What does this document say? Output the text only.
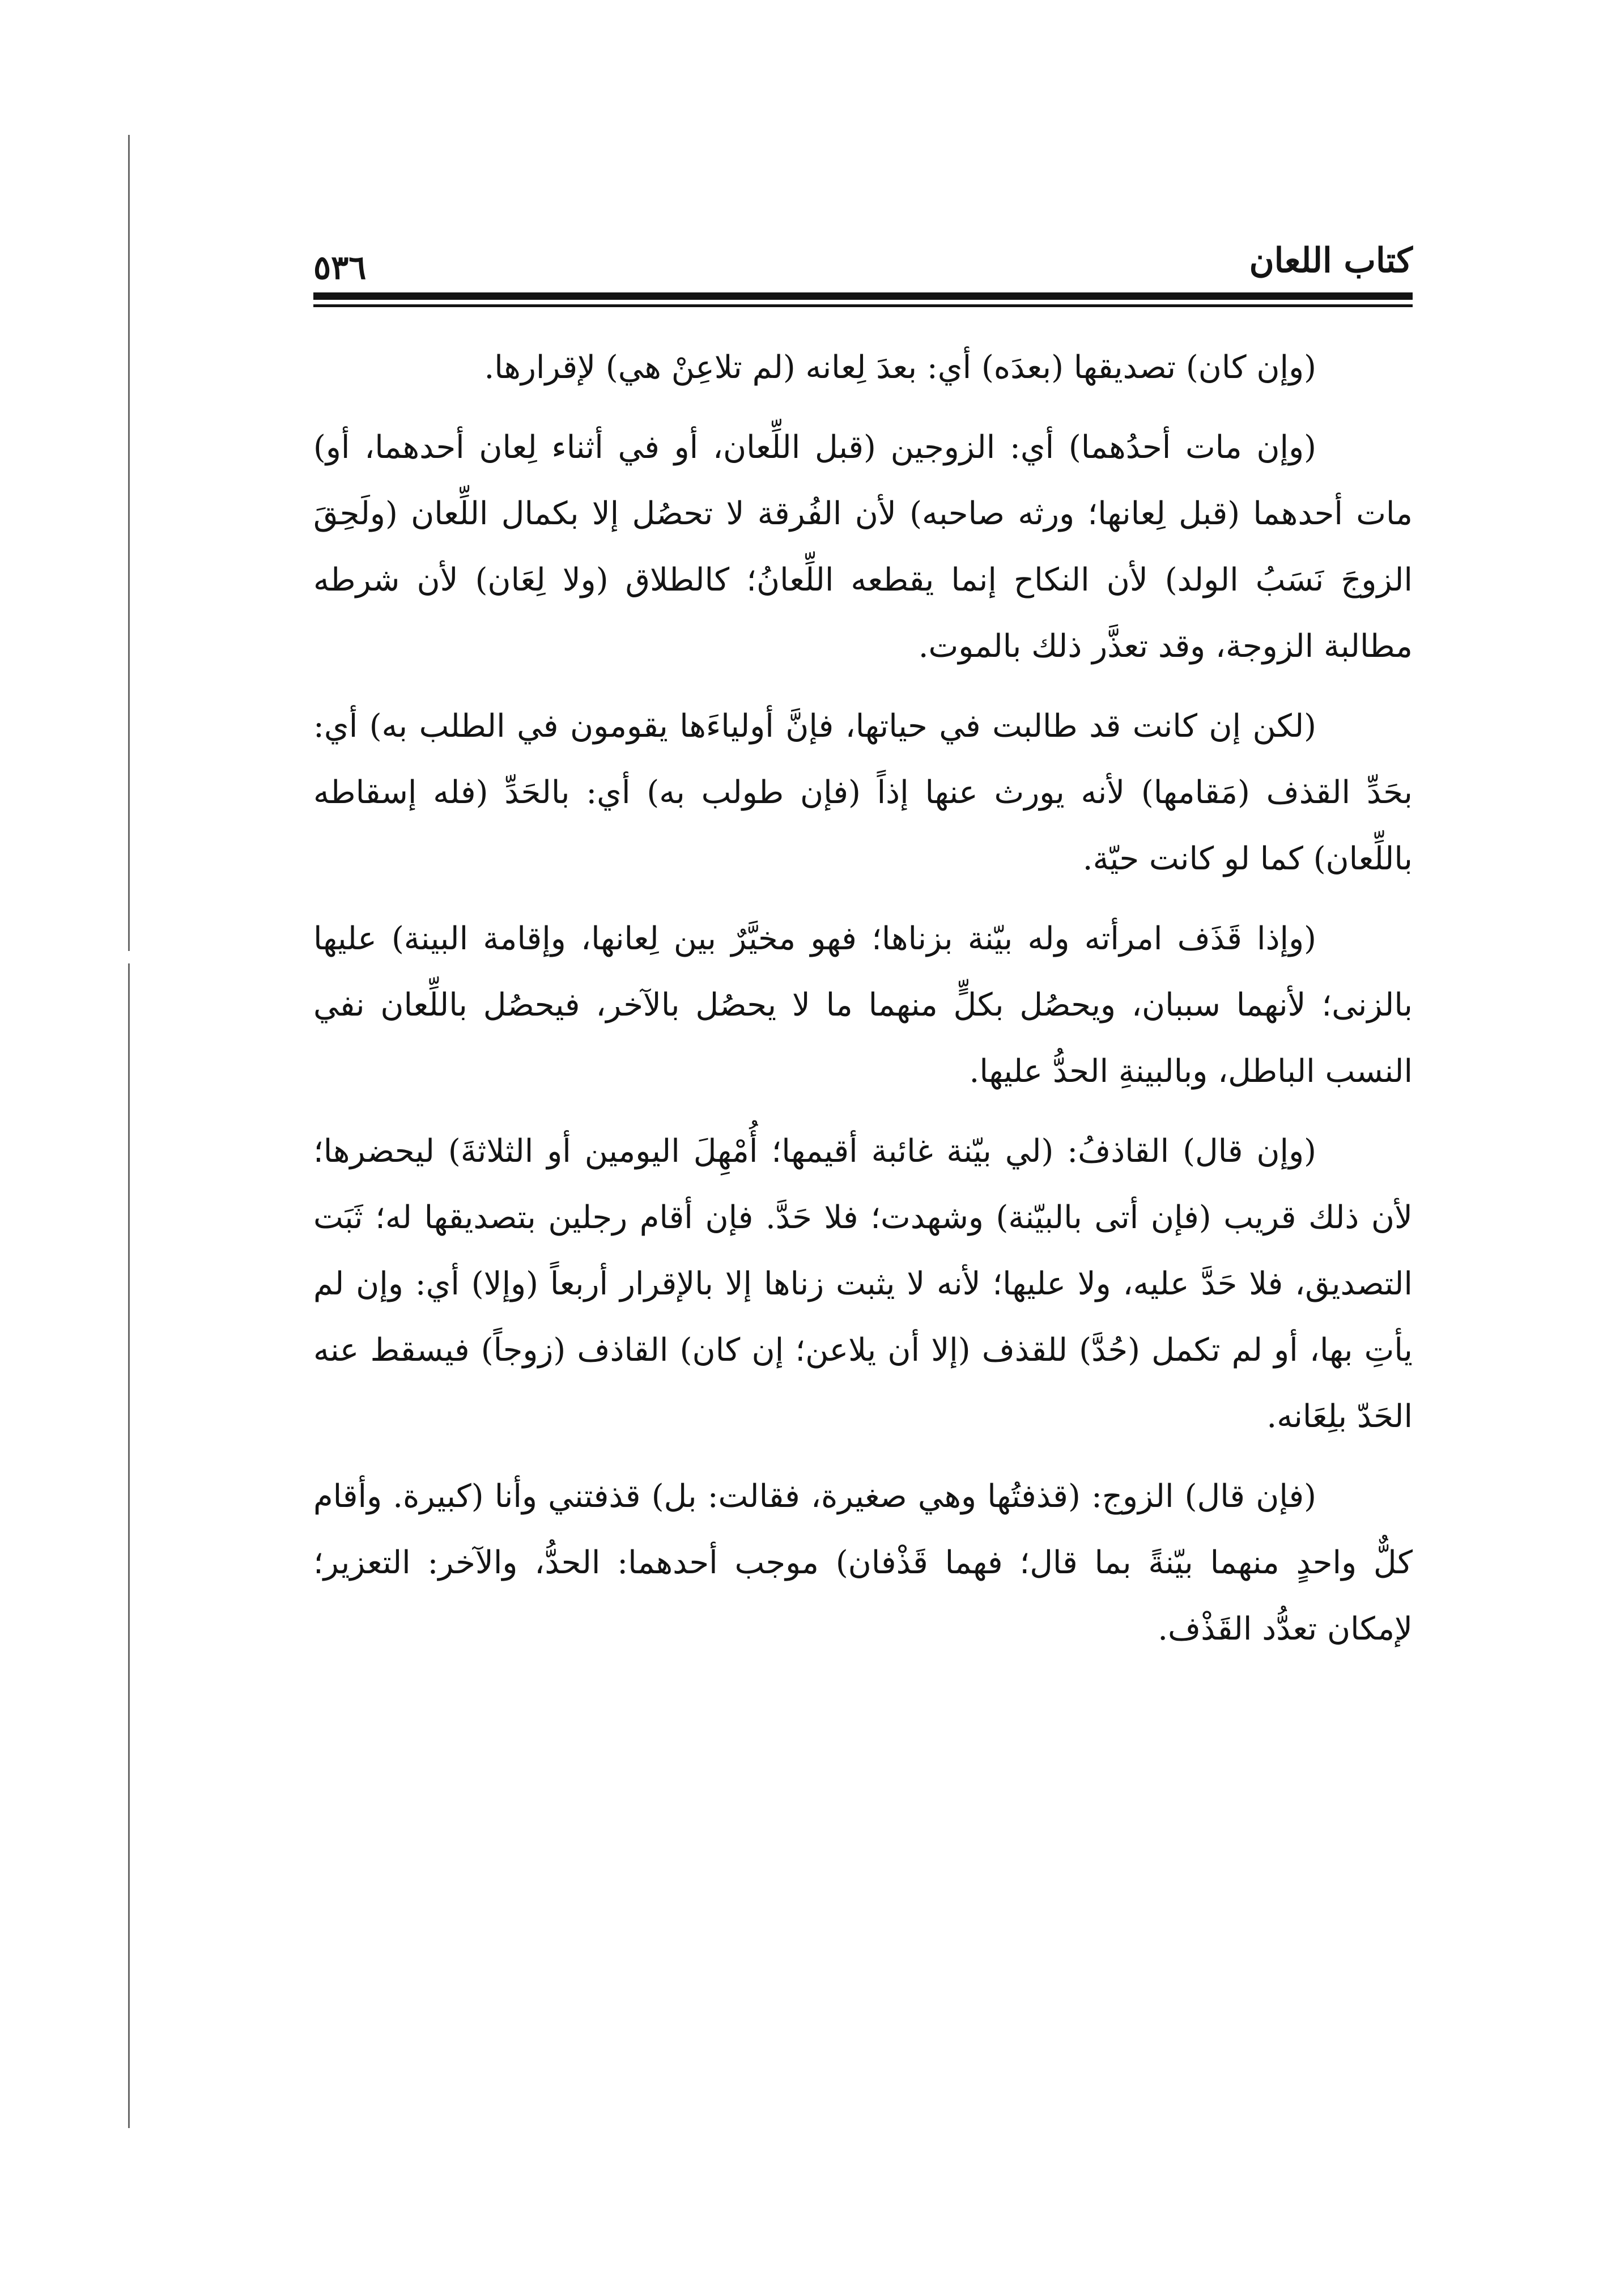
كتاب اللعان
٥٣٦

(وإن كان) تصديقها (بعدَه) أي: بعدَ لِعانه (لم تلاعِنْ هي) لإقرارها.

(وإن مات أحدُهما) أي: الزوجين (قبل اللِّعان، أو في أثناء لِعان أحدهما، أو) مات أحدهما (قبل لِعانها؛ ورثه صاحبه) لأن الفُرقة لا تحصُل إلا بكمال اللِّعان (ولَحِقَ الزوجَ نَسَبُ الولد) لأن النكاح إنما يقطعه اللِّعانُ؛ كالطلاق (ولا لِعَان) لأن شرطه مطالبة الزوجة، وقد تعذَّر ذلك بالموت.

(لكن إن كانت قد طالبت في حياتها، فإنَّ أولياءَها يقومون في الطلب به) أي: بحَدِّ القذف (مَقامها) لأنه يورث عنها إذاً (فإن طولب به) أي: بالحَدِّ (فله إسقاطه باللِّعان) كما لو كانت حيّة.

(وإذا قَذَف امرأته وله بيّنة بزناها؛ فهو مخيَّرٌ بين لِعانها، وإقامة البينة) عليها بالزنى؛ لأنهما سببان، ويحصُل بكلٍّ منهما ما لا يحصُل بالآخر، فيحصُل باللِّعان نفي النسب الباطل، وبالبينةِ الحدُّ عليها.

(وإن قال) القاذفُ: (لي بيّنة غائبة أقيمها؛ أُمْهِلَ اليومين أو الثلاثةَ) ليحضرها؛ لأن ذلك قريب (فإن أتى بالبيّنة) وشهدت؛ فلا حَدَّ. فإن أقام رجلين بتصديقها له؛ ثَبَت التصديق، فلا حَدَّ عليه، ولا عليها؛ لأنه لا يثبت زناها إلا بالإقرار أربعاً (وإلا) أي: وإن لم يأتِ بها، أو لم تكمل (حُدَّ) للقذف (إلا أن يلاعن؛ إن كان) القاذف (زوجاً) فيسقط عنه الحَدّ بلِعَانه.

(فإن قال) الزوج: (قذفتُها وهي صغيرة، فقالت: بل) قذفتني وأنا (كبيرة. وأقام كلٌّ واحدٍ منهما بيّنةً بما قال؛ فهما قَذْفان) موجب أحدهما: الحدُّ، والآخر: التعزير؛ لإمكان تعدُّد القَذْف.
